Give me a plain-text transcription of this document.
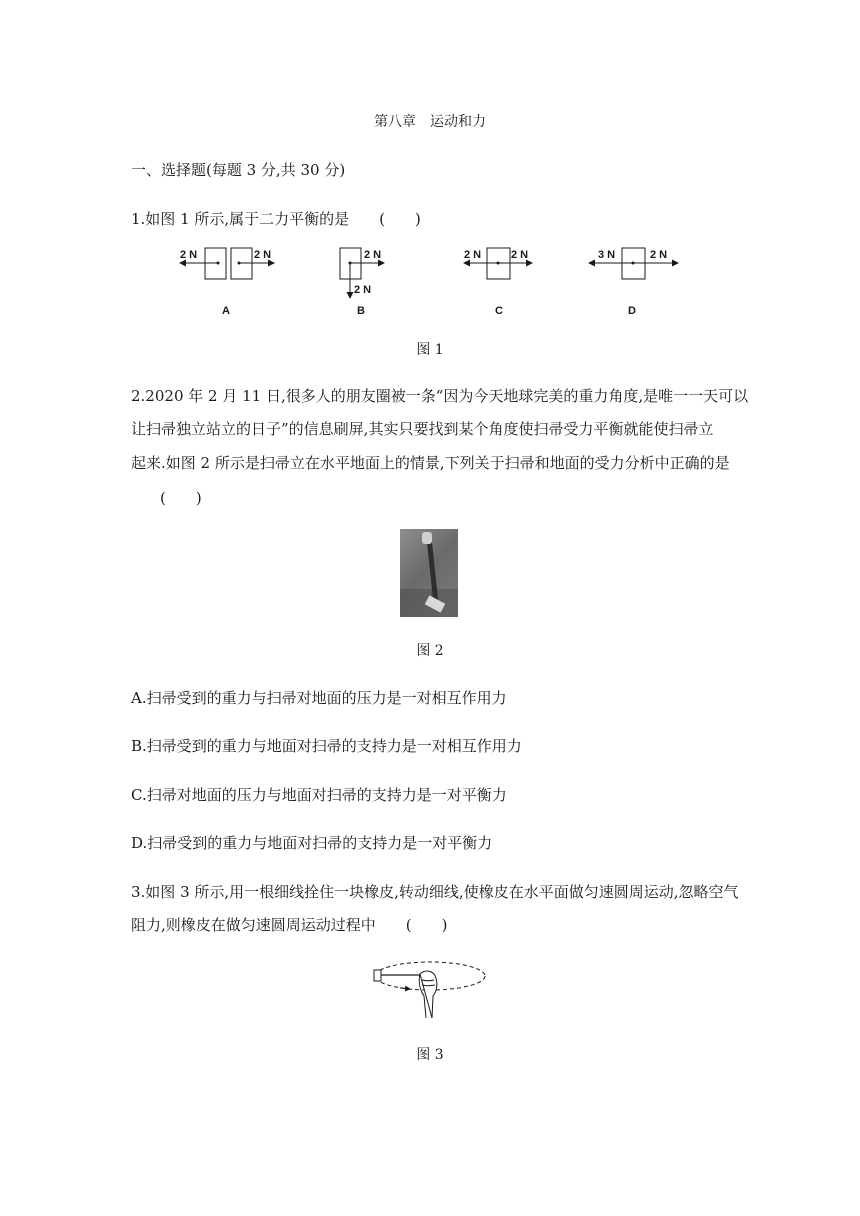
第八章　运动和力
一、选择题(每题 3 分,共 30 分)
1.如图 1 所示,属于二力平衡的是　　(　　)
2 N	2 N
A
2 N
2 N
B
2 N	2 N
C
3 N	2 N
D
图 1
2.2020 年 2 月 11 日,很多人的朋友圈被一条“因为今天地球完美的重力角度,是唯一一天可以
让扫帚独立站立的日子”的信息刷屏,其实只要找到某个角度使扫帚受力平衡就能使扫帚立
起来.如图 2 所示是扫帚立在水平地面上的情景,下列关于扫帚和地面的受力分析中正确的是
(　　)
图 2
A.扫帚受到的重力与扫帚对地面的压力是一对相互作用力
B.扫帚受到的重力与地面对扫帚的支持力是一对相互作用力
C.扫帚对地面的压力与地面对扫帚的支持力是一对平衡力
D.扫帚受到的重力与地面对扫帚的支持力是一对平衡力
3.如图 3 所示,用一根细线拴住一块橡皮,转动细线,使橡皮在水平面做匀速圆周运动,忽略空气
阻力,则橡皮在做匀速圆周运动过程中　　(　　)
图 3
